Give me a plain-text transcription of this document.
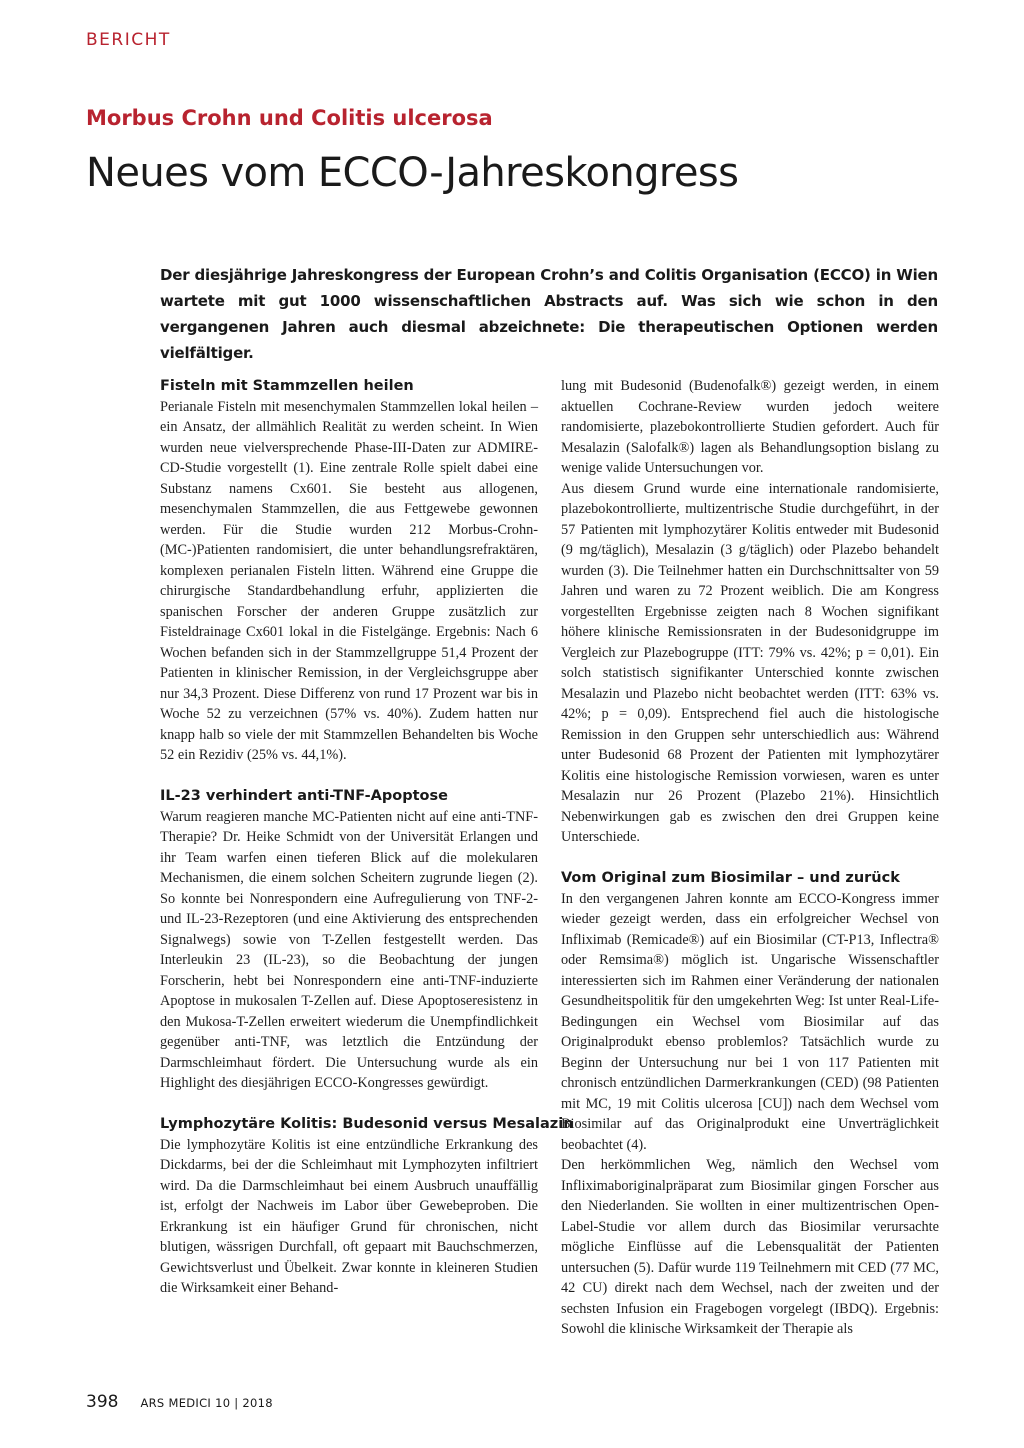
BERICHT
Morbus Crohn und Colitis ulcerosa
Neues vom ECCO-Jahreskongress
Der diesjährige Jahreskongress der European Crohn’s and Colitis Organisation (ECCO) in Wien wartete mit gut 1000 wissenschaftlichen Abstracts auf. Was sich wie schon in den vergangenen Jahren auch diesmal abzeichnete: Die therapeutischen Optionen werden vielfältiger.
Fisteln mit Stammzellen heilen

Perianale Fisteln mit mesenchymalen Stammzellen lokal heilen – ein Ansatz, der allmählich Realität zu werden scheint. In Wien wurden neue vielversprechende Phase-III-Daten zur ADMIRE-CD-Studie vorgestellt (1). Eine zentrale Rolle spielt dabei eine Substanz namens Cx601. Sie besteht aus allogenen, mesenchymalen Stammzellen, die aus Fettgewebe gewonnen werden. Für die Studie wurden 212 Morbus-Crohn-(MC-)Patienten randomisiert, die unter behandlungsrefraktären, komplexen perianalen Fisteln litten. Während eine Gruppe die chirurgische Standardbehandlung erfuhr, applizierten die spanischen Forscher der anderen Gruppe zusätzlich zur Fisteldrainage Cx601 lokal in die Fistelgänge. Ergebnis: Nach 6 Wochen befanden sich in der Stammzellgruppe 51,4 Prozent der Patienten in klinischer Remission, in der Vergleichsgruppe aber nur 34,3 Prozent. Diese Differenz von rund 17 Prozent war bis in Woche 52 zu verzeichnen (57% vs. 40%). Zudem hatten nur knapp halb so viele der mit Stammzellen Behandelten bis Woche 52 ein Rezidiv (25% vs. 44,1%).

IL-23 verhindert anti-TNF-Apoptose

Warum reagieren manche MC-Patienten nicht auf eine anti-TNF-Therapie? Dr. Heike Schmidt von der Universität Erlangen und ihr Team warfen einen tieferen Blick auf die molekularen Mechanismen, die einem solchen Scheitern zugrunde liegen (2). So konnte bei Nonrespondern eine Aufregulierung von TNF-2- und IL-23-Rezeptoren (und eine Aktivierung des entsprechenden Signalwegs) sowie von T-Zellen festgestellt werden. Das Interleukin 23 (IL-23), so die Beobachtung der jungen Forscherin, hebt bei Nonrespondern eine anti-TNF-induzierte Apoptose in mukosalen T-Zellen auf. Diese Apoptoseresistenz in den Mukosa-T-Zellen erweitert wiederum die Unempfindlichkeit gegenüber anti-TNF, was letztlich die Entzündung der Darmschleimhaut fördert. Die Untersuchung wurde als ein Highlight des diesjährigen ECCO-Kongresses gewürdigt.

Lymphozytäre Kolitis: Budesonid versus Mesalazin

Die lymphozytäre Kolitis ist eine entzündliche Erkrankung des Dickdarms, bei der die Schleimhaut mit Lymphozyten infiltriert wird. Da die Darmschleimhaut bei einem Ausbruch unauffällig ist, erfolgt der Nachweis im Labor über Gewebeproben. Die Erkrankung ist ein häufiger Grund für chronischen, nicht blutigen, wässrigen Durchfall, oft gepaart mit Bauchschmerzen, Gewichtsverlust und Übelkeit. Zwar konnte in kleineren Studien die Wirksamkeit einer Behand-

lung mit Budesonid (Budenofalk®) gezeigt werden, in einem aktuellen Cochrane-Review wurden jedoch weitere randomisierte, plazebokontrollierte Studien gefordert. Auch für Mesalazin (Salofalk®) lagen als Behandlungsoption bislang zu wenige valide Untersuchungen vor.

Aus diesem Grund wurde eine internationale randomisierte, plazebokontrollierte, multizentrische Studie durchgeführt, in der 57 Patienten mit lymphozytärer Kolitis entweder mit Budesonid (9 mg/täglich), Mesalazin (3 g/täglich) oder Plazebo behandelt wurden (3). Die Teilnehmer hatten ein Durchschnittsalter von 59 Jahren und waren zu 72 Prozent weiblich. Die am Kongress vorgestellten Ergebnisse zeigten nach 8 Wochen signifikant höhere klinische Remissionsraten in der Budesonidgruppe im Vergleich zur Plazebogruppe (ITT: 79% vs. 42%; p = 0,01). Ein solch statistisch signifikanter Unterschied konnte zwischen Mesalazin und Plazebo nicht beobachtet werden (ITT: 63% vs. 42%; p = 0,09). Entsprechend fiel auch die histologische Remission in den Gruppen sehr unterschiedlich aus: Während unter Budesonid 68 Prozent der Patienten mit lymphozytärer Kolitis eine histologische Remission vorwiesen, waren es unter Mesalazin nur 26 Prozent (Plazebo 21%). Hinsichtlich Nebenwirkungen gab es zwischen den drei Gruppen keine Unterschiede.

Vom Original zum Biosimilar – und zurück

In den vergangenen Jahren konnte am ECCO-Kongress immer wieder gezeigt werden, dass ein erfolgreicher Wechsel von Infliximab (Remicade®) auf ein Biosimilar (CT-P13, Inflectra® oder Remsima®) möglich ist. Ungarische Wissenschaftler interessierten sich im Rahmen einer Veränderung der nationalen Gesundheitspolitik für den umgekehrten Weg: Ist unter Real-Life-Bedingungen ein Wechsel vom Biosimilar auf das Originalprodukt ebenso problemlos? Tatsächlich wurde zu Beginn der Untersuchung nur bei 1 von 117 Patienten mit chronisch entzündlichen Darmerkrankungen (CED) (98 Patienten mit MC, 19 mit Colitis ulcerosa [CU]) nach dem Wechsel vom Biosimilar auf das Originalprodukt eine Unverträglichkeit beobachtet (4).

Den herkömmlichen Weg, nämlich den Wechsel vom Infliximaboriginalpräparat zum Biosimilar gingen Forscher aus den Niederlanden. Sie wollten in einer multizentrischen Open-Label-Studie vor allem durch das Biosimilar verursachte mögliche Einflüsse auf die Lebensqualität der Patienten untersuchen (5). Dafür wurde 119 Teilnehmern mit CED (77 MC, 42 CU) direkt nach dem Wechsel, nach der zweiten und der sechsten Infusion ein Fragebogen vorgelegt (IBDQ). Ergebnis: Sowohl die klinische Wirksamkeit der Therapie als

398 ARS MEDICI 10 | 2018
